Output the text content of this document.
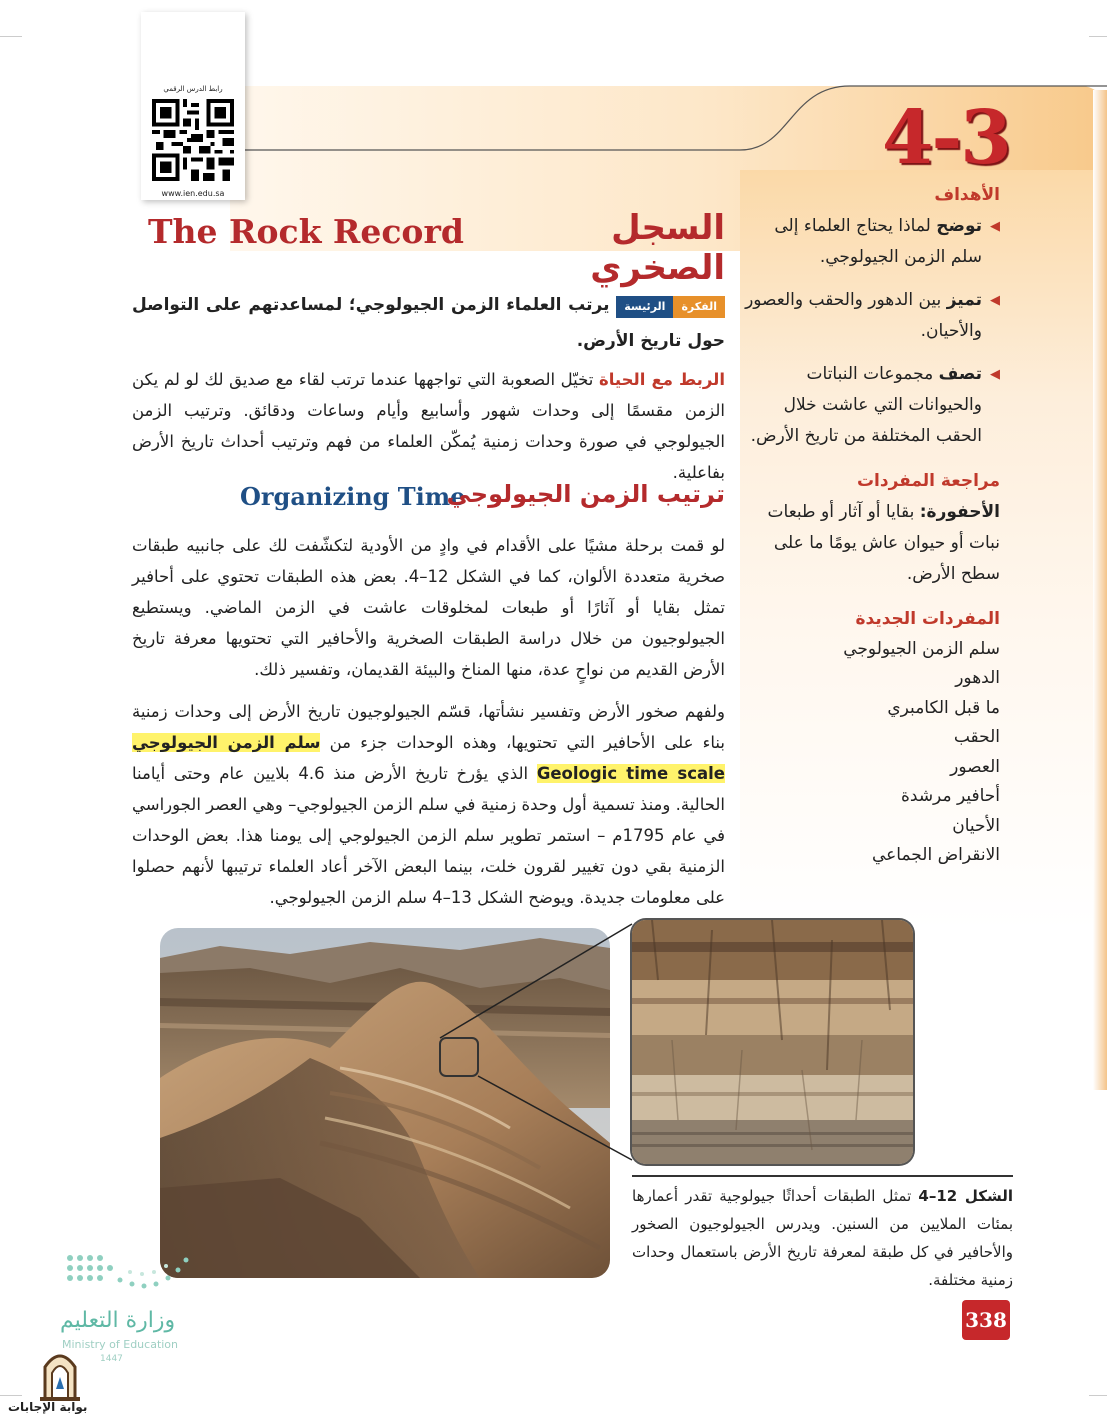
رابط الدرس الرقمي
www.ien.edu.sa
4-3
The Rock Record	السجل الصخري
الأهداف
◀
توضح لماذا يحتاج العلماء إلى سلم الزمن الجيولوجي.
◀
تميز بين الدهور والحقب والعصور والأحيان.
◀
تصف مجموعات النباتات والحيوانات التي عاشت خلال الحقب المختلفة من تاريخ الأرض.
مراجعة المفردات
الأحفورة: بقايا أو آثار أو طبعات نبات أو حيوان عاش يومًا ما على سطح الأرض.
المفردات الجديدة
سلم الزمن الجيولوجي
الدهور
ما قبل الكامبري
الحقب
العصور
أحافير مرشدة
الأحيان
الانقراض الجماعي
الرئيسة الفكرة يرتب العلماء الزمن الجيولوجي؛ لمساعدتهم على التواصل حول تاريخ الأرض.
الربط مع الحياة تخيّل الصعوبة التي تواجهها عندما ترتب لقاء مع صديق لك لو لم يكن الزمن مقسمًا إلى وحدات شهور وأسابيع وأيام وساعات ودقائق. وترتيب الزمن الجيولوجي في صورة وحدات زمنية يُمكّن العلماء من فهم وترتيب أحداث تاريخ الأرض بفاعلية.
Organizing Time
ترتيب الزمن الجيولوجي
لو قمت برحلة مشيًا على الأقدام في وادٍ من الأودية لتكشّفت لك على جانبيه طبقات صخرية متعددة الألوان، كما في الشكل 12–4. بعض هذه الطبقات تحتوي على أحافير تمثل بقايا أو آثارًا أو طبعات لمخلوقات عاشت في الزمن الماضي. ويستطيع الجيولوجيون من خلال دراسة الطبقات الصخرية والأحافير التي تحتويها معرفة تاريخ الأرض القديم من نواحٍ عدة، منها المناخ والبيئة القديمان، وتفسير ذلك.
ولفهم صخور الأرض وتفسير نشأتها، قسّم الجيولوجيون تاريخ الأرض إلى وحدات زمنية بناء على الأحافير التي تحتويها، وهذه الوحدات جزء من سلم الزمن الجيولوجي Geologic time scale الذي يؤرخ تاريخ الأرض منذ 4.6 بلايين عام وحتى أيامنا الحالية. ومنذ تسمية أول وحدة زمنية في سلم الزمن الجيولوجي– وهي العصر الجوراسي في عام 1795م – استمر تطوير سلم الزمن الجيولوجي إلى يومنا هذا. بعض الوحدات الزمنية بقي دون تغيير لقرون خلت، بينما البعض الآخر أعاد العلماء ترتيبها لأنهم حصلوا على معلومات جديدة. ويوضح الشكل 13–4 سلم الزمن الجيولوجي.
الشكل 12–4 تمثل الطبقات أحداثًا جيولوجية تقدر أعمارها بمئات الملايين من السنين. ويدرس الجيولوجيون الصخور والأحافير في كل طبقة لمعرفة تاريخ الأرض باستعمال وحدات زمنية مختلفة.
338
وزارة التعليم
Ministry of Education
1447
بوابة الإجابات
